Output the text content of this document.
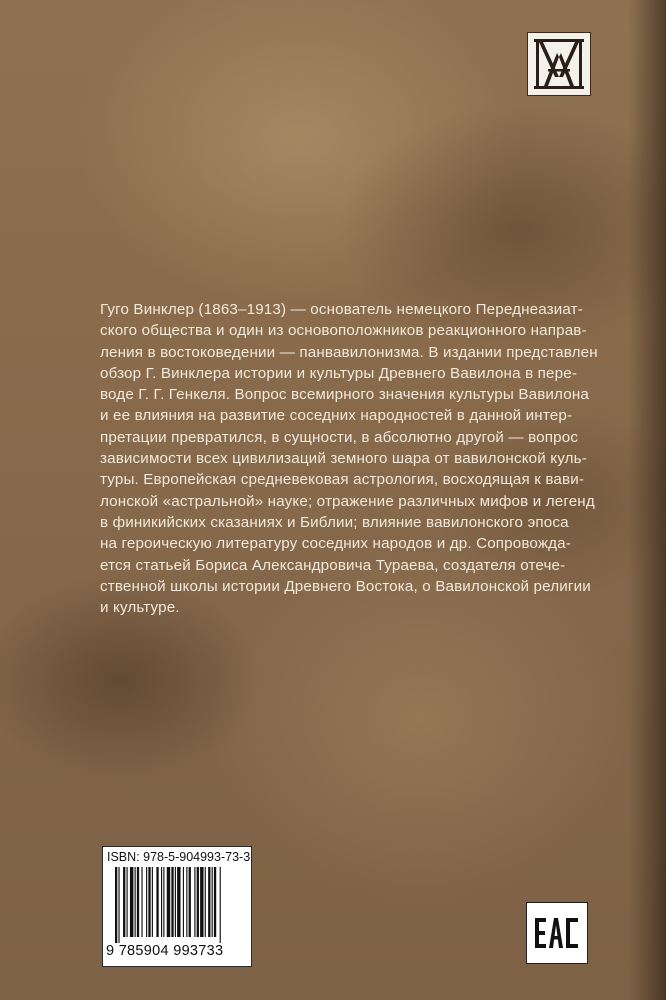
Гуго Винклер (1863–1913) — основатель немецкого Переднеазиат-
ского общества и один из основоположников реакционного направ-
ления в востоковедении — панвавилонизма. В издании представлен
обзор Г. Винклера истории и культуры Древнего Вавилона в пере-
воде Г. Г. Генкеля. Вопрос всемирного значения культуры Вавилона
и ее влияния на развитие соседних народностей в данной интер-
претации превратился, в сущности, в абсолютно другой — вопрос
зависимости всех цивилизаций земного шара от вавилонской куль-
туры. Европейская средневековая астрология, восходящая к вави-
лонской «астральной» науке; отражение различных мифов и легенд
в финикийских сказаниях и Библии; влияние вавилонского эпоса
на героическую литературу соседних народов и др. Сопровожда-
ется статьей Бориса Александровича Тураева, создателя отече-
ственной школы истории Древнего Востока, о Вавилонской религии
и культуре.
ISBN: 978-5-904993-73-3
9 785904 993733
